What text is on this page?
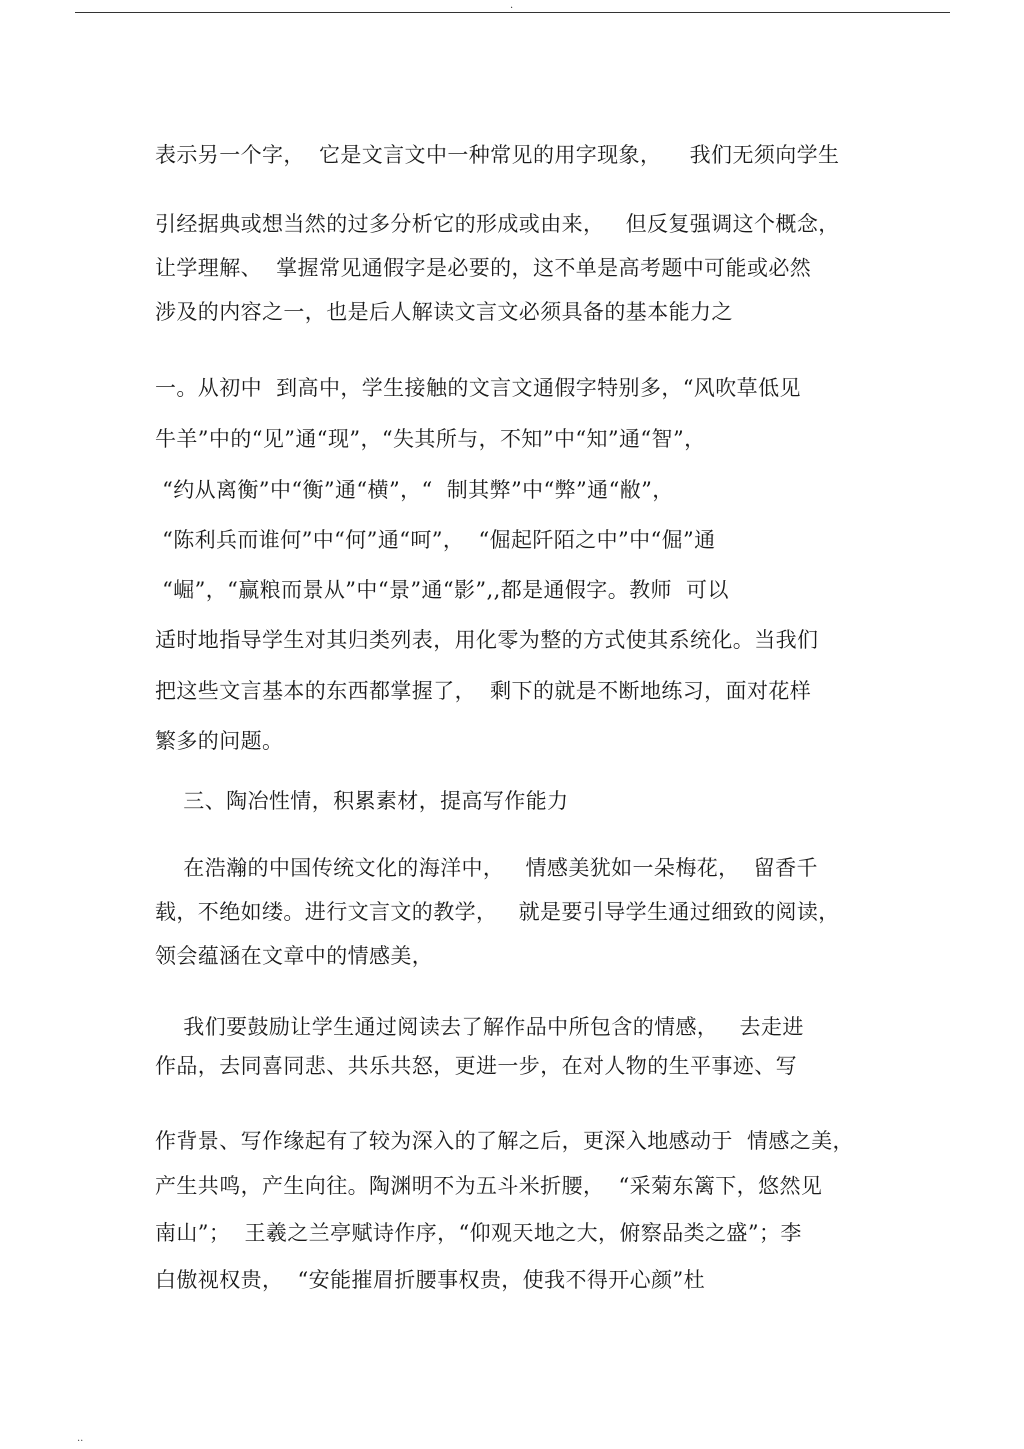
.

表示另一个字，  它是文言文中一种常见的用字现象，    我们无须向学生

引经据典或想当然的过多分析它的形成或由来，   但反复强调这个概念，

让学理解、  掌握常见通假字是必要的，这不单是高考题中可能或必然

涉及的内容之一，也是后人解读文言文必须具备的基本能力之

一。从初中  到高中，学生接触的文言文通假字特别多，“风吹草低见

牛羊”中的“见”通“现”，“失其所与，不知”中“知”通“智”，

“约从离衡”中“衡”通“横”，“  制其弊”中“弊”通“敝”，

“陈利兵而谁何”中“何”通“呵”，  “倔起阡陌之中”中“倔”通

“崛”，“赢粮而景从”中“景”通“影”,,都是通假字。教师  可以

适时地指导学生对其归类列表，用化零为整的方式使其系统化。当我们

把这些文言基本的东西都掌握了，  剩下的就是不断地练习，面对花样

繁多的问题。

三、陶冶性情，积累素材，提高写作能力

在浩瀚的中国传统文化的海洋中，   情感美犹如一朵梅花，  留香千

载，不绝如缕。进行文言文的教学，   就是要引导学生通过细致的阅读，

领会蕴涵在文章中的情感美，

我们要鼓励让学生通过阅读去了解作品中所包含的情感，   去走进

作品，去同喜同悲、共乐共怒，更进一步，在对人物的生平事迹、写

作背景、写作缘起有了较为深入的了解之后，更深入地感动于  情感之美，

产生共鸣，产生向往。陶渊明不为五斗米折腰，  “采菊东篱下，悠然见

南山”；  王羲之兰亭赋诗作序，“仰观天地之大，俯察品类之盛”；李

白傲视权贵，  “安能摧眉折腰事权贵，使我不得开心颜”杜

..
